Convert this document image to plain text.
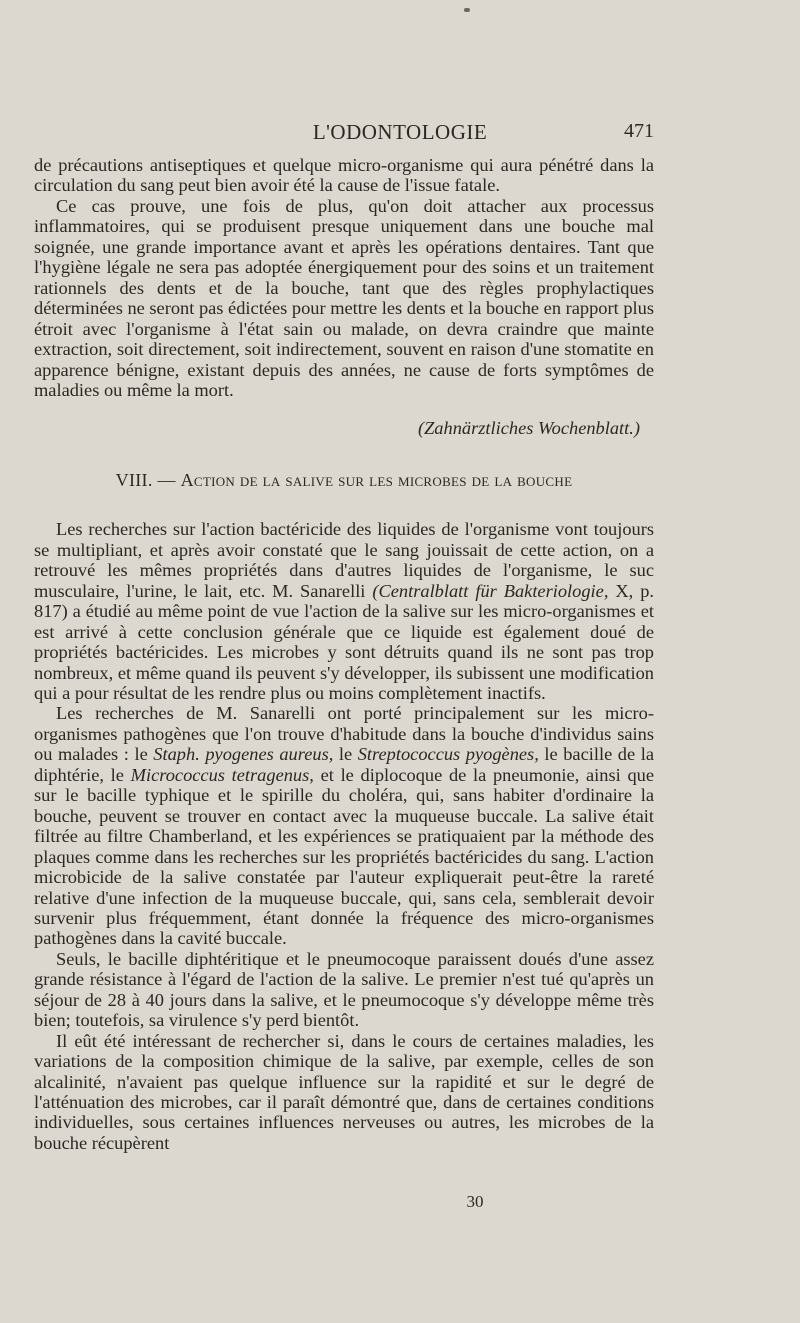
L'ODONTOLOGIE	471

de précautions antiseptiques et quelque micro-organisme qui aura pénétré dans la circulation du sang peut bien avoir été la cause de l'issue fatale.

Ce cas prouve, une fois de plus, qu'on doit attacher aux processus inflammatoires, qui se produisent presque uniquement dans une bouche mal soignée, une grande importance avant et après les opérations dentaires. Tant que l'hygiène légale ne sera pas adoptée énergiquement pour des soins et un traitement rationnels des dents et de la bouche, tant que des règles prophylactiques déterminées ne seront pas édictées pour mettre les dents et la bouche en rapport plus étroit avec l'organisme à l'état sain ou malade, on devra craindre que mainte extraction, soit directement, soit indirectement, souvent en raison d'une stomatite en apparence bénigne, existant depuis des années, ne cause de forts symptômes de maladies ou même la mort.

(Zahnärztliches Wochenblatt.)
VIII. — Action de la salive sur les microbes de la bouche

Les recherches sur l'action bactéricide des liquides de l'organisme vont toujours se multipliant, et après avoir constaté que le sang jouissait de cette action, on a retrouvé les mêmes propriétés dans d'autres liquides de l'organisme, le suc musculaire, l'urine, le lait, etc. M. Sanarelli (Centralblatt für Bakteriologie, X, p. 817) a étudié au même point de vue l'action de la salive sur les micro-organismes et est arrivé à cette conclusion générale que ce liquide est également doué de propriétés bactéricides. Les microbes y sont détruits quand ils ne sont pas trop nombreux, et même quand ils peuvent s'y développer, ils subissent une modification qui a pour résultat de les rendre plus ou moins complètement inactifs.

Les recherches de M. Sanarelli ont porté principalement sur les micro-organismes pathogènes que l'on trouve d'habitude dans la bouche d'individus sains ou malades : le Staph. pyogenes aureus, le Streptococcus pyogènes, le bacille de la diphtérie, le Micrococcus tetragenus, et le diplocoque de la pneumonie, ainsi que sur le bacille typhique et le spirille du choléra, qui, sans habiter d'ordinaire la bouche, peuvent se trouver en contact avec la muqueuse buccale. La salive était filtrée au filtre Chamberland, et les expériences se pratiquaient par la méthode des plaques comme dans les recherches sur les propriétés bactéricides du sang. L'action microbicide de la salive constatée par l'auteur expliquerait peut-être la rareté relative d'une infection de la muqueuse buccale, qui, sans cela, semblerait devoir survenir plus fréquemment, étant donnée la fréquence des micro-organismes pathogènes dans la cavité buccale.

Seuls, le bacille diphtéritique et le pneumocoque paraissent doués d'une assez grande résistance à l'égard de l'action de la salive. Le premier n'est tué qu'après un séjour de 28 à 40 jours dans la salive, et le pneumocoque s'y développe même très bien; toutefois, sa virulence s'y perd bientôt.

Il eût été intéressant de rechercher si, dans le cours de certaines maladies, les variations de la composition chimique de la salive, par exemple, celles de son alcalinité, n'avaient pas quelque influence sur la rapidité et sur le degré de l'atténuation des microbes, car il paraît démontré que, dans de certaines conditions individuelles, sous certaines influences nerveuses ou autres, les microbes de la bouche récupèrent

30
